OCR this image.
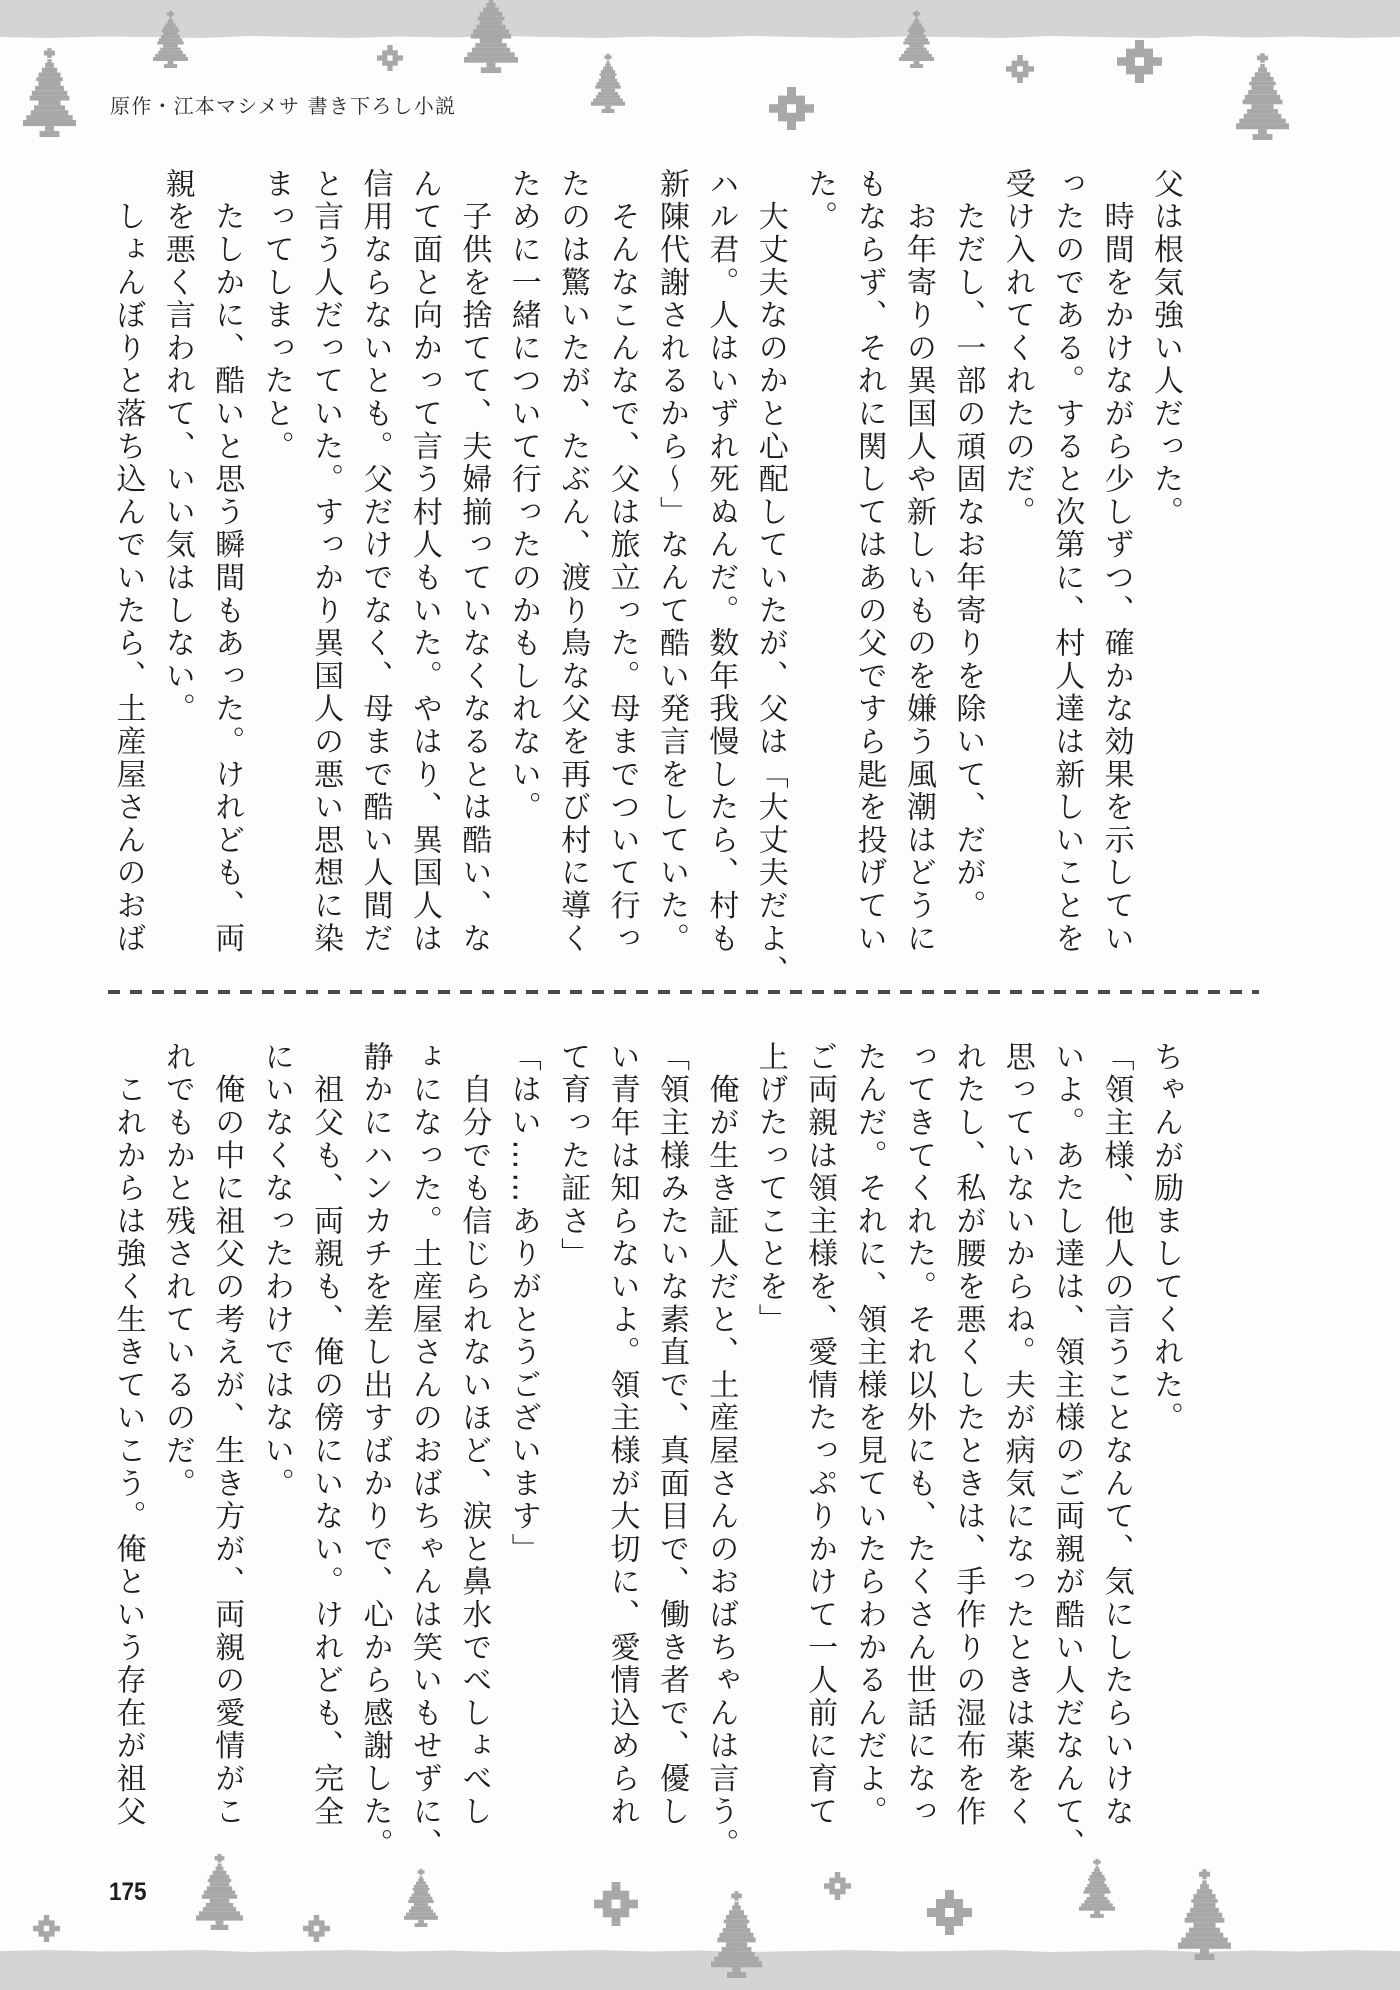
原作・江本マシメサ 書き下ろし小説
父は根気強い人だった。
　時間をかけながら少しずつ、確かな効果を示してい
ったのである。すると次第に、村人達は新しいことを
受け入れてくれたのだ。
　ただし、一部の頑固なお年寄りを除いて、だが。
　お年寄りの異国人や新しいものを嫌う風潮はどうに
もならず、それに関してはあの父ですら匙を投げてい
た。
　大丈夫なのかと心配していたが、父は「大丈夫だよ、
ハル君。人はいずれ死ぬんだ。数年我慢したら、村も
新陳代謝されるから〜」なんて酷い発言をしていた。
　そんなこんなで、父は旅立った。母までついて行っ
たのは驚いたが、たぶん、渡り鳥な父を再び村に導く
ために一緒について行ったのかもしれない。
　子供を捨てて、夫婦揃っていなくなるとは酷い、な
んて面と向かって言う村人もいた。やはり、異国人は
信用ならないとも。父だけでなく、母まで酷い人間だ
と言う人だっていた。すっかり異国人の悪い思想に染
まってしまったと。
　たしかに、酷いと思う瞬間もあった。けれども、両
親を悪く言われて、いい気はしない。
　しょんぼりと落ち込んでいたら、土産屋さんのおば
ちゃんが励ましてくれた。
「領主様、他人の言うことなんて、気にしたらいけな
いよ。あたし達は、領主様のご両親が酷い人だなんて、
思っていないからね。夫が病気になったときは薬をく
れたし、私が腰を悪くしたときは、手作りの湿布を作
ってきてくれた。それ以外にも、たくさん世話になっ
たんだ。それに、領主様を見ていたらわかるんだよ。
ご両親は領主様を、愛情たっぷりかけて一人前に育て
上げたってことを」
　俺が生き証人だと、土産屋さんのおばちゃんは言う。
「領主様みたいな素直で、真面目で、働き者で、優し
い青年は知らないよ。領主様が大切に、愛情込められ
て育った証さ」
「はい……ありがとうございます」
　自分でも信じられないほど、涙と鼻水でべしょべし
ょになった。土産屋さんのおばちゃんは笑いもせずに、
静かにハンカチを差し出すばかりで、心から感謝した。
　祖父も、両親も、俺の傍にいない。けれども、完全
にいなくなったわけではない。
　俺の中に祖父の考えが、生き方が、両親の愛情がこ
れでもかと残されているのだ。
　これからは強く生きていこう。俺という存在が祖父
175
